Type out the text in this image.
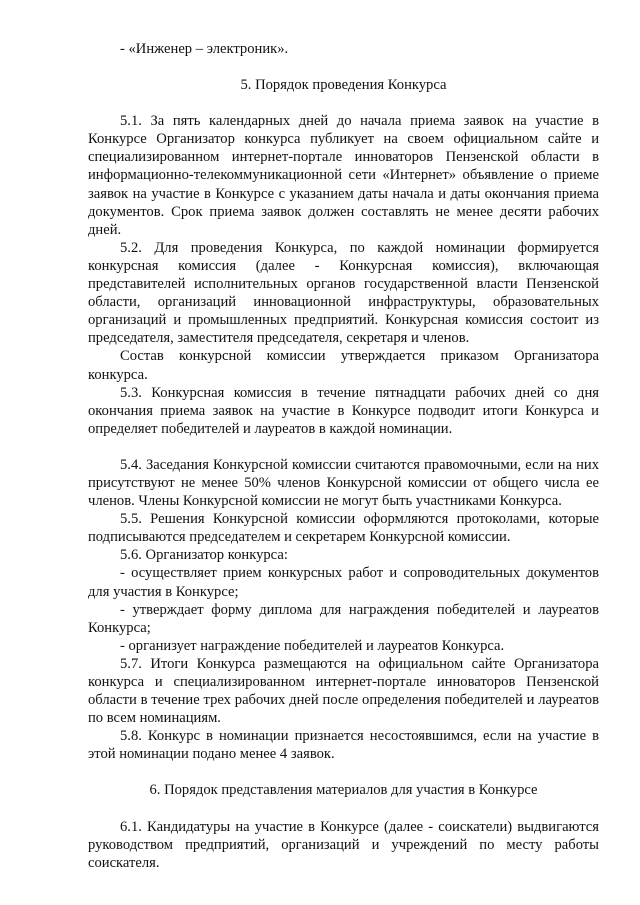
- «Инженер – электроник».

5. Порядок проведения Конкурса

5.1. За пять календарных дней до начала приема заявок на участие в Конкурсе Организатор конкурса публикует на своем официальном сайте и специализированном интернет-портале инноваторов Пензенской области в информационно-телекоммуникационной сети «Интернет» объявление о приеме заявок на участие в Конкурсе с указанием даты начала и даты окончания приема документов. Срок приема заявок должен составлять не менее десяти рабочих дней.

5.2. Для проведения Конкурса, по каждой номинации формируется конкурсная комиссия (далее - Конкурсная комиссия), включающая представителей исполнительных органов государственной власти Пензенской области, организаций инновационной инфраструктуры, образовательных организаций и промышленных предприятий. Конкурсная комиссия состоит из председателя, заместителя председателя, секретаря и членов.

Состав конкурсной комиссии утверждается приказом Организатора конкурса.

5.3. Конкурсная комиссия в течение пятнадцати рабочих дней со дня окончания приема заявок на участие в Конкурсе подводит итоги Конкурса и определяет победителей и лауреатов в каждой номинации.

5.4. Заседания Конкурсной комиссии считаются правомочными, если на них присутствуют не менее 50% членов Конкурсной комиссии от общего числа ее членов. Члены Конкурсной комиссии не могут быть участниками Конкурса.

5.5. Решения Конкурсной комиссии оформляются протоколами, которые подписываются председателем и секретарем Конкурсной комиссии.

5.6. Организатор конкурса:

- осуществляет прием конкурсных работ и сопроводительных документов для участия в Конкурсе;

- утверждает форму диплома для награждения победителей и лауреатов Конкурса;

- организует награждение победителей и лауреатов Конкурса.

5.7. Итоги Конкурса размещаются на официальном сайте Организатора конкурса и специализированном интернет-портале инноваторов Пензенской области в течение трех рабочих дней после определения победителей и лауреатов по всем номинациям.

5.8. Конкурс в номинации признается несостоявшимся, если на участие в этой номинации подано менее 4 заявок.

6. Порядок представления материалов для участия в Конкурсе

6.1. Кандидатуры на участие в Конкурсе (далее - соискатели) выдвигаются руководством предприятий, организаций и учреждений по месту работы соискателя.
